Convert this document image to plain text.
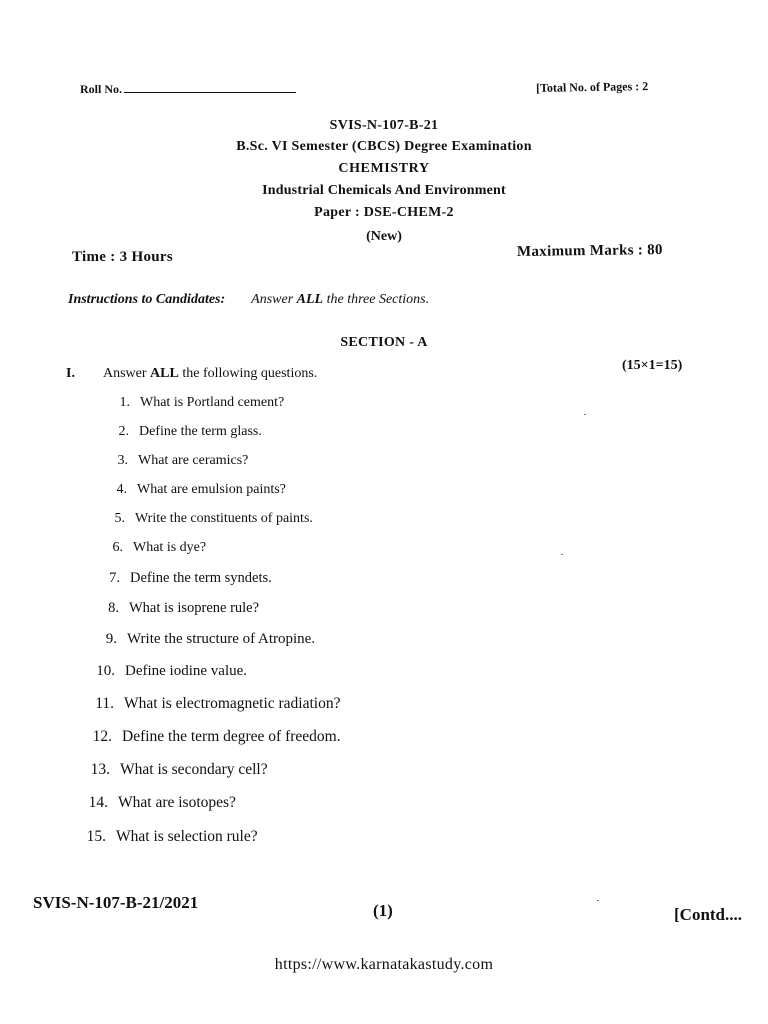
Roll No.	[Total No. of Pages : 2
SVIS-N-107-B-21
B.Sc. VI Semester (CBCS) Degree Examination
CHEMISTRY
Industrial Chemicals And Environment
Paper : DSE-CHEM-2
(New)
Time : 3 Hours	Maximum Marks : 80
Instructions to Candidates: Answer ALL the three Sections.
SECTION - A
I. Answer ALL the following questions.
(15×1=15)
1. What is Portland cement?
2. Define the term glass.
3. What are ceramics?
4. What are emulsion paints?
5. Write the constituents of paints.
6. What is dye?
7. Define the term syndets.
8. What is isoprene rule?
9. Write the structure of Atropine.
10. Define iodine value.
11. What is electromagnetic radiation?
12. Define the term degree of freedom.
13. What is secondary cell?
14. What are isotopes?
15. What is selection rule?
SVIS-N-107-B-21/2021	(1)	[Contd....
https://www.karnatakastudy.com
